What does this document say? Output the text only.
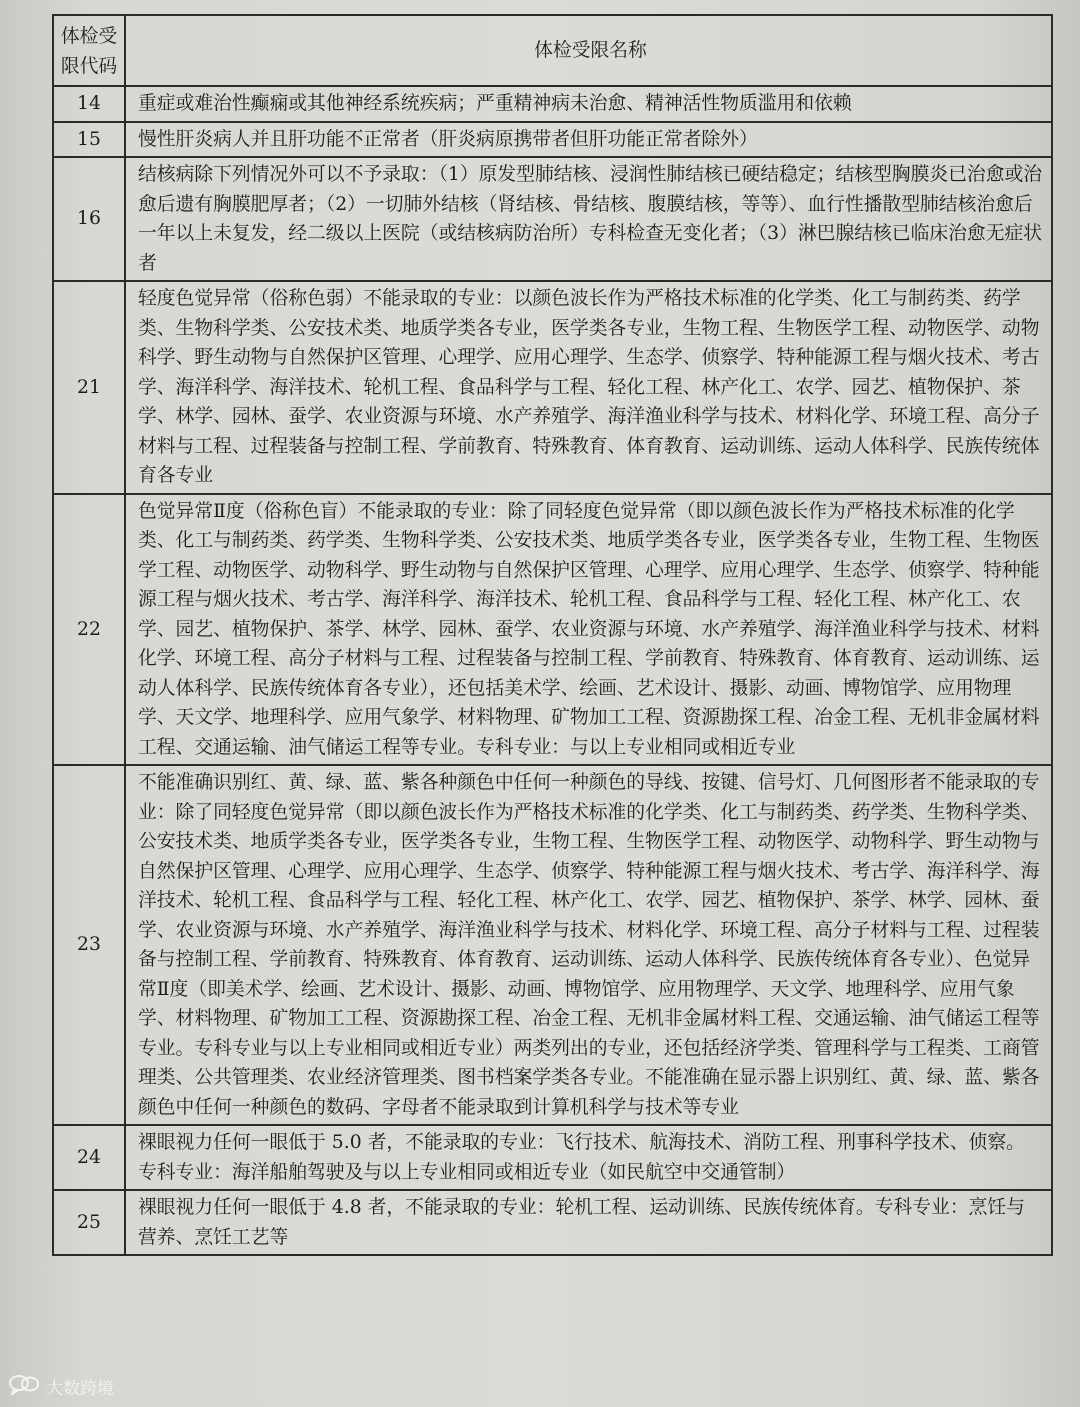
体检受限代码	体检受限名称
14	重症或难治性癫痫或其他神经系统疾病；严重精神病未治愈、精神活性物质滥用和依赖
15	慢性肝炎病人并且肝功能不正常者（肝炎病原携带者但肝功能正常者除外）
16	结核病除下列情况外可以不予录取：（1）原发型肺结核、浸润性肺结核已硬结稳定；结核型胸膜炎已治愈或治愈后遗有胸膜肥厚者；（2）一切肺外结核（肾结核、骨结核、腹膜结核，等等）、血行性播散型肺结核治愈后一年以上未复发，经二级以上医院（或结核病防治所）专科检查无变化者；（3）淋巴腺结核已临床治愈无症状者
21	轻度色觉异常（俗称色弱）不能录取的专业：以颜色波长作为严格技术标准的化学类、化工与制药类、药学类、生物科学类、公安技术类、地质学类各专业，医学类各专业，生物工程、生物医学工程、动物医学、动物科学、野生动物与自然保护区管理、心理学、应用心理学、生态学、侦察学、特种能源工程与烟火技术、考古学、海洋科学、海洋技术、轮机工程、食品科学与工程、轻化工程、林产化工、农学、园艺、植物保护、茶学、林学、园林、蚕学、农业资源与环境、水产养殖学、海洋渔业科学与技术、材料化学、环境工程、高分子材料与工程、过程装备与控制工程、学前教育、特殊教育、体育教育、运动训练、运动人体科学、民族传统体育各专业
22	色觉异常Ⅱ度（俗称色盲）不能录取的专业：除了同轻度色觉异常（即以颜色波长作为严格技术标准的化学类、化工与制药类、药学类、生物科学类、公安技术类、地质学类各专业，医学类各专业，生物工程、生物医学工程、动物医学、动物科学、野生动物与自然保护区管理、心理学、应用心理学、生态学、侦察学、特种能源工程与烟火技术、考古学、海洋科学、海洋技术、轮机工程、食品科学与工程、轻化工程、林产化工、农学、园艺、植物保护、茶学、林学、园林、蚕学、农业资源与环境、水产养殖学、海洋渔业科学与技术、材料化学、环境工程、高分子材料与工程、过程装备与控制工程、学前教育、特殊教育、体育教育、运动训练、运动人体科学、民族传统体育各专业），还包括美术学、绘画、艺术设计、摄影、动画、博物馆学、应用物理学、天文学、地理科学、应用气象学、材料物理、矿物加工工程、资源勘探工程、冶金工程、无机非金属材料工程、交通运输、油气储运工程等专业。专科专业：与以上专业相同或相近专业
23	不能准确识别红、黄、绿、蓝、紫各种颜色中任何一种颜色的导线、按键、信号灯、几何图形者不能录取的专业：除了同轻度色觉异常（即以颜色波长作为严格技术标准的化学类、化工与制药类、药学类、生物科学类、公安技术类、地质学类各专业，医学类各专业，生物工程、生物医学工程、动物医学、动物科学、野生动物与自然保护区管理、心理学、应用心理学、生态学、侦察学、特种能源工程与烟火技术、考古学、海洋科学、海洋技术、轮机工程、食品科学与工程、轻化工程、林产化工、农学、园艺、植物保护、茶学、林学、园林、蚕学、农业资源与环境、水产养殖学、海洋渔业科学与技术、材料化学、环境工程、高分子材料与工程、过程装备与控制工程、学前教育、特殊教育、体育教育、运动训练、运动人体科学、民族传统体育各专业）、色觉异常Ⅱ度（即美术学、绘画、艺术设计、摄影、动画、博物馆学、应用物理学、天文学、地理科学、应用气象学、材料物理、矿物加工工程、资源勘探工程、冶金工程、无机非金属材料工程、交通运输、油气储运工程等专业。专科专业与以上专业相同或相近专业）两类列出的专业，还包括经济学类、管理科学与工程类、工商管理类、公共管理类、农业经济管理类、图书档案学类各专业。不能准确在显示器上识别红、黄、绿、蓝、紫各颜色中任何一种颜色的数码、字母者不能录取到计算机科学与技术等专业
24	裸眼视力任何一眼低于 5.0 者，不能录取的专业：飞行技术、航海技术、消防工程、刑事科学技术、侦察。专科专业：海洋船舶驾驶及与以上专业相同或相近专业（如民航空中交通管制）
25	裸眼视力任何一眼低于 4.8 者，不能录取的专业：轮机工程、运动训练、民族传统体育。专科专业：烹饪与营养、烹饪工艺等
大数跨境
